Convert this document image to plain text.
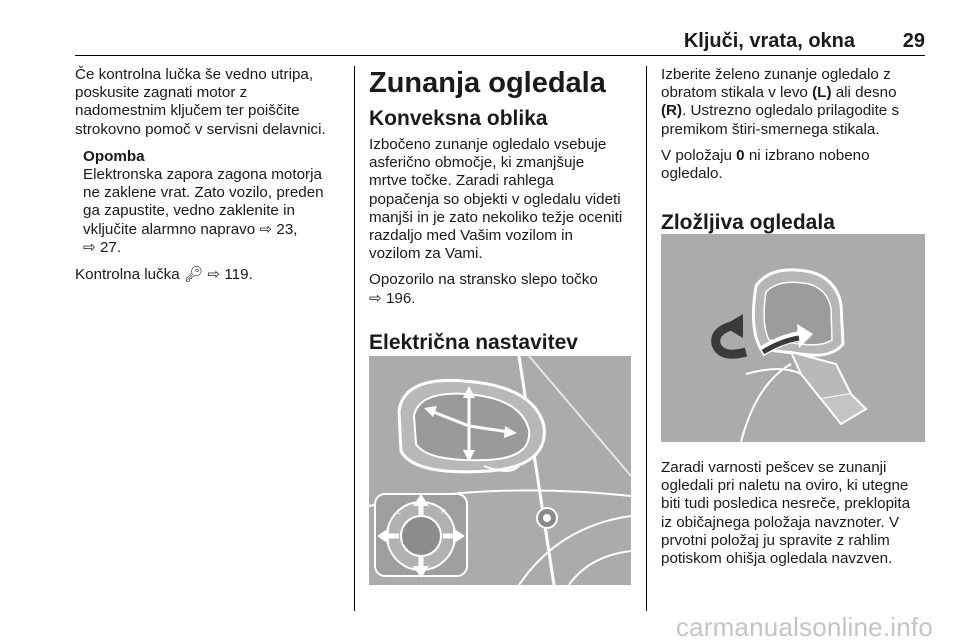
Ključi, vrata, okna	29

Če kontrolna lučka še vedno utripa,
poskusite zagnati motor z
nadomestnim ključem ter poiščite
strokovno pomoč v servisni delavnici.

Opomba

Elektronska zapora zagona motorja
ne zaklene vrat. Zato vozilo, preden
ga zapustite, vedno zaklenite in
vključite alarmno napravo ⇨ 23,
⇨ 27.

Kontrolna lučka 🔑︎ ⇨ 119.

Zunanja ogledala

Konveksna oblika

Izbočeno zunanje ogledalo vsebuje
asferično območje, ki zmanjšuje
mrtve točke. Zaradi rahlega
popačenja so objekti v ogledalu videti
manjši in je zato nekoliko težje oceniti
razdaljo med Vašim vozilom in
vozilom za Vami.

Opozorilo na stransko slepo točko
⇨ 196.

Električna nastavitev

L	R

Izberite želeno zunanje ogledalo z
obratom stikala v levo (L) ali desno
(R). Ustrezno ogledalo prilagodite s
premikom štiri-smernega stikala.

V položaju 0 ni izbrano nobeno
ogledalo.

Zložljiva ogledala

Zaradi varnosti pešcev se zunanji
ogledali pri naletu na oviro, ki utegne
biti tudi posledica nesreče, preklopita
iz običajnega položaja navznoter. V
prvotni položaj ju spravite z rahlim
potiskom ohišja ogledala navzven.

carmanualsonline.info
